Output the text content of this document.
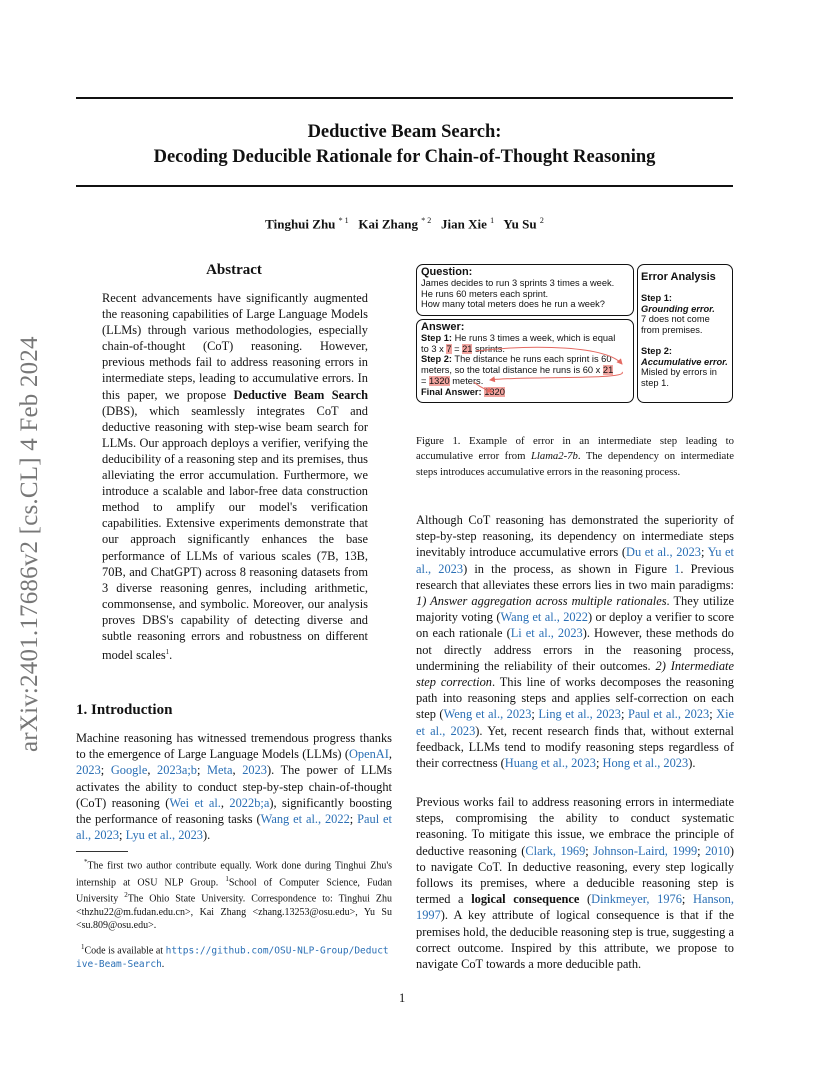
Deductive Beam Search:
Decoding Deducible Rationale for Chain-of-Thought Reasoning
Tinghui Zhu $^{* 1}$ Kai Zhang $^{* 2}$ Jian Xie $^1$ Yu Su $^2$
arXiv:2401.17686v2 [cs.CL] 4 Feb 2024
Abstract
Recent advancements have significantly augmented the reasoning capabilities of Large Language Models (LLMs) through various methodologies, especially chain-of-thought (CoT) reasoning. However, previous methods fail to address reasoning errors in intermediate steps, leading to accumulative errors. In this paper, we propose Deductive Beam Search (DBS), which seamlessly integrates CoT and deductive reasoning with step-wise beam search for LLMs. Our approach deploys a verifier, verifying the deducibility of a reasoning step and its premises, thus alleviating the error accumulation. Furthermore, we introduce a scalable and labor-free data construction method to amplify our model's verification capabilities. Extensive experiments demonstrate that our approach significantly enhances the base performance of LLMs of various scales (7B, 13B, 70B, and ChatGPT) across 8 reasoning datasets from 3 diverse reasoning genres, including arithmetic, commonsense, and symbolic. Moreover, our analysis proves DBS's capability of detecting diverse and subtle reasoning errors and robustness on different model scales$^1$.
1. Introduction
Machine reasoning has witnessed tremendous progress thanks to the emergence of Large Language Models (LLMs) (OpenAI, 2023; Google, 2023a;b; Meta, 2023). The power of LLMs activates the ability to conduct step-by-step chain-of-thought (CoT) reasoning (Wei et al., 2022b;a), significantly boosting the performance of reasoning tasks (Wang et al., 2022; Paul et al., 2023; Lyu et al., 2023).
*The first two author contribute equally. Work done during Tinghui Zhu's internship at OSU NLP Group. $^1$School of Computer Science, Fudan University $^2$The Ohio State University. Correspondence to: Tinghui Zhu <thzhu22@m.fudan.edu.cn>, Kai Zhang <zhang.13253@osu.edu>, Yu Su <su.809@osu.edu>.
$^1$Code is available at https://github.com/OSU-NLP-Group/Deductive-Beam-Search.
Question:
James decides to run 3 sprints 3 times a week.
He runs 60 meters each sprint.
How many total meters does he run a week?
Answer:
Step 1: He runs 3 times a week, which is equal
to 3 x 7 = 21 sprints.
Step 2: The distance he runs each sprint is 60
meters, so the total distance he runs is 60 x 21
= 1320 meters.
Final Answer: 1320
Error Analysis
Step 1:
Grounding error.
7 does not come
from premises.
Step 2:
Accumulative error.
Misled by errors in
step 1.
Figure 1. Example of error in an intermediate step leading to accumulative error from Llama2-7b. The dependency on intermediate steps introduces accumulative errors in the reasoning process.
Although CoT reasoning has demonstrated the superiority of step-by-step reasoning, its dependency on intermediate steps inevitably introduce accumulative errors (Du et al., 2023; Yu et al., 2023) in the process, as shown in Figure 1. Previous research that alleviates these errors lies in two main paradigms: 1) Answer aggregation across multiple rationales. They utilize majority voting (Wang et al., 2022) or deploy a verifier to score on each rationale (Li et al., 2023). However, these methods do not directly address errors in the reasoning process, undermining the reliability of their outcomes. 2) Intermediate step correction. This line of works decomposes the reasoning path into reasoning steps and applies self-correction on each step (Weng et al., 2023; Ling et al., 2023; Paul et al., 2023; Xie et al., 2023). Yet, recent research finds that, without external feedback, LLMs tend to modify reasoning steps regardless of their correctness (Huang et al., 2023; Hong et al., 2023).
Previous works fail to address reasoning errors in intermediate steps, compromising the ability to conduct systematic reasoning. To mitigate this issue, we embrace the principle of deductive reasoning (Clark, 1969; Johnson-Laird, 1999; 2010) to navigate CoT. In deductive reasoning, every step logically follows its premises, where a deducible reasoning step is termed a logical consequence (Dinkmeyer, 1976; Hanson, 1997). A key attribute of logical consequence is that if the premises hold, the deducible reasoning step is true, suggesting a correct outcome. Inspired by this attribute, we propose to navigate CoT towards a more deducible path.
1
